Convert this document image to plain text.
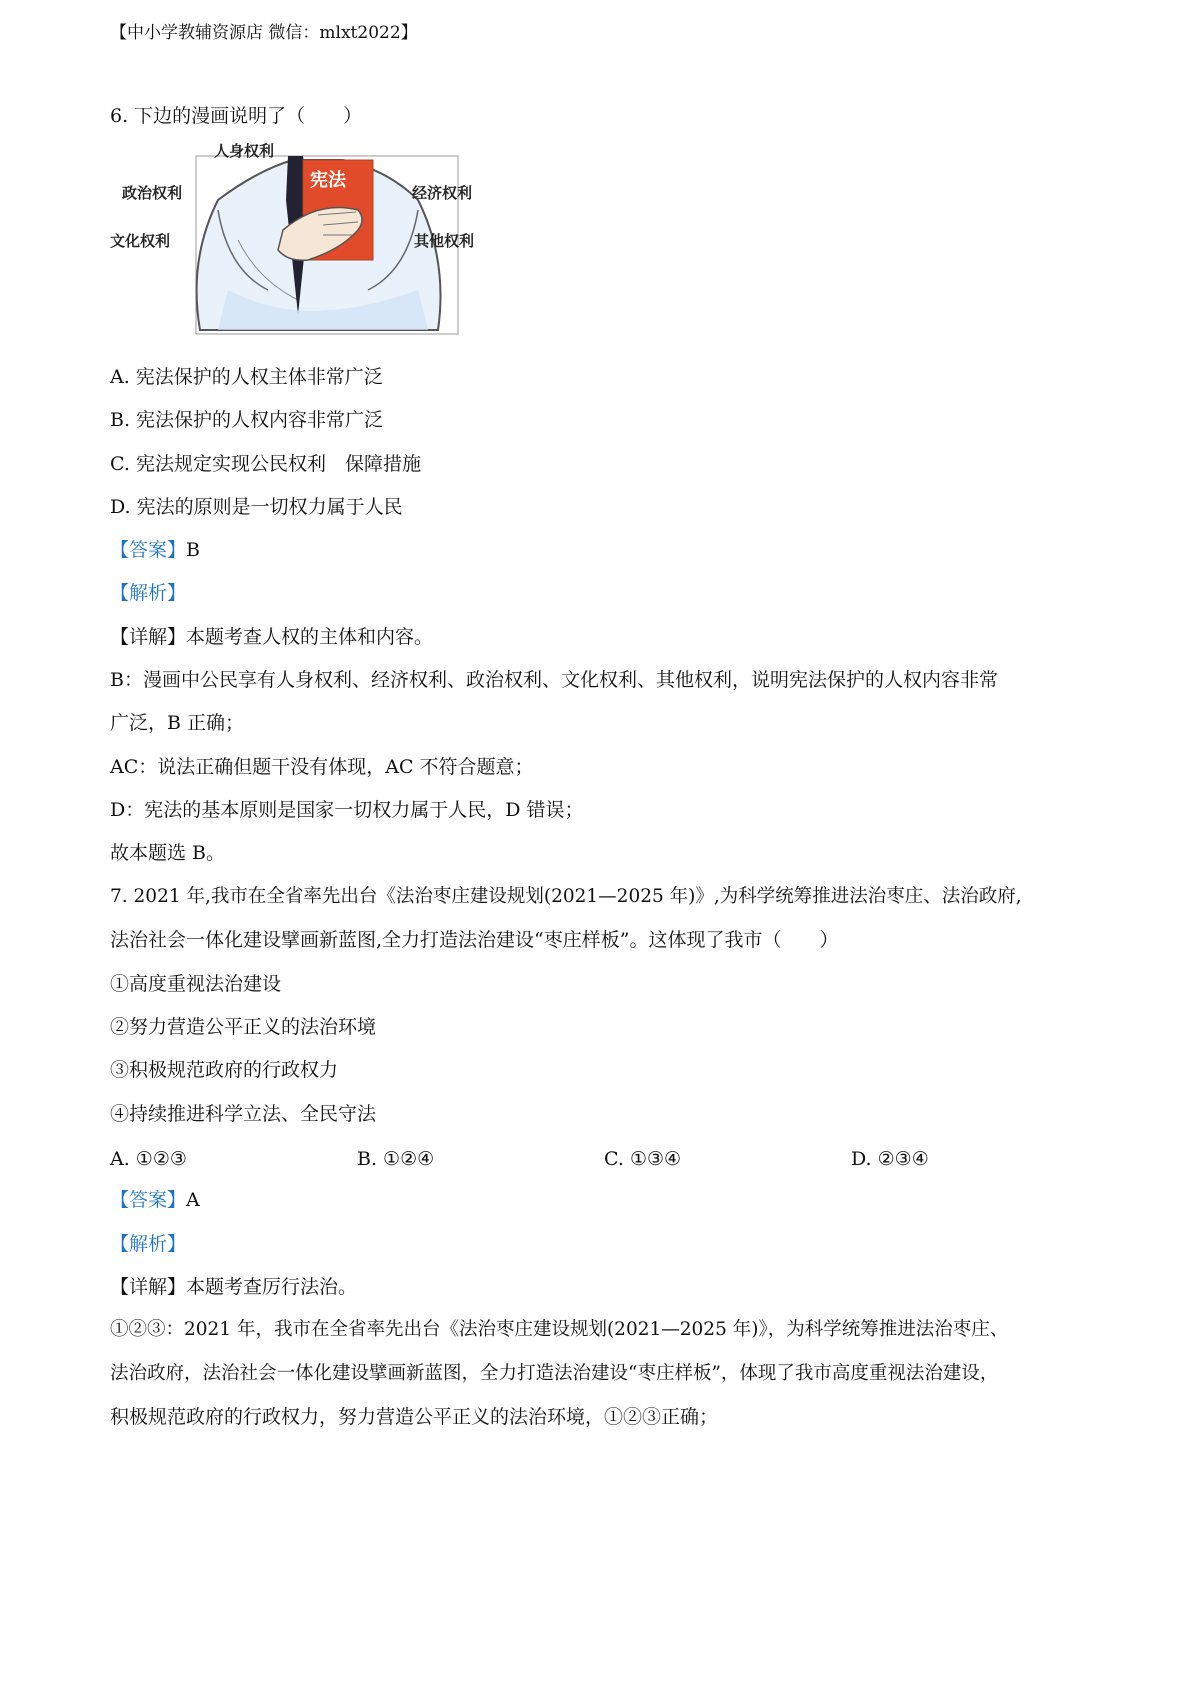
【中小学教辅资源店 微信：mlxt2022】
6. 下边的漫画说明了（　　）
宪法
人身权利
政治权利
文化权利
经济权利
其他权利
A. 宪法保护的人权主体非常广泛
B. 宪法保护的人权内容非常广泛
C. 宪法规定实现公民权利　保障措施
D. 宪法的原则是一切权力属于人民
【答案】B
【解析】
【详解】本题考查人权的主体和内容。
B：漫画中公民享有人身权利、经济权利、政治权利、文化权利、其他权利，说明宪法保护的人权内容非常
广泛，B 正确；
AC：说法正确但题干没有体现，AC 不符合题意；
D：宪法的基本原则是国家一切权力属于人民，D 错误；
故本题选 B。
7. 2021 年,我市在全省率先出台《法治枣庄建设规划(2021—2025 年)》,为科学统筹推进法治枣庄、法治政府,
法治社会一体化建设擘画新蓝图,全力打造法治建设“枣庄样板”。这体现了我市（　　）
①高度重视法治建设
②努力营造公平正义的法治环境
③积极规范政府的行政权力
④持续推进科学立法、全民守法
A. ①②③	B. ①②④	C. ①③④	D. ②③④
【答案】A
【解析】
【详解】本题考查厉行法治。
①②③：2021 年，我市在全省率先出台《法治枣庄建设规划(2021—2025 年)》，为科学统筹推进法治枣庄、
法治政府，法治社会一体化建设擘画新蓝图，全力打造法治建设“枣庄样板”，体现了我市高度重视法治建设，
积极规范政府的行政权力，努力营造公平正义的法治环境，①②③正确；
